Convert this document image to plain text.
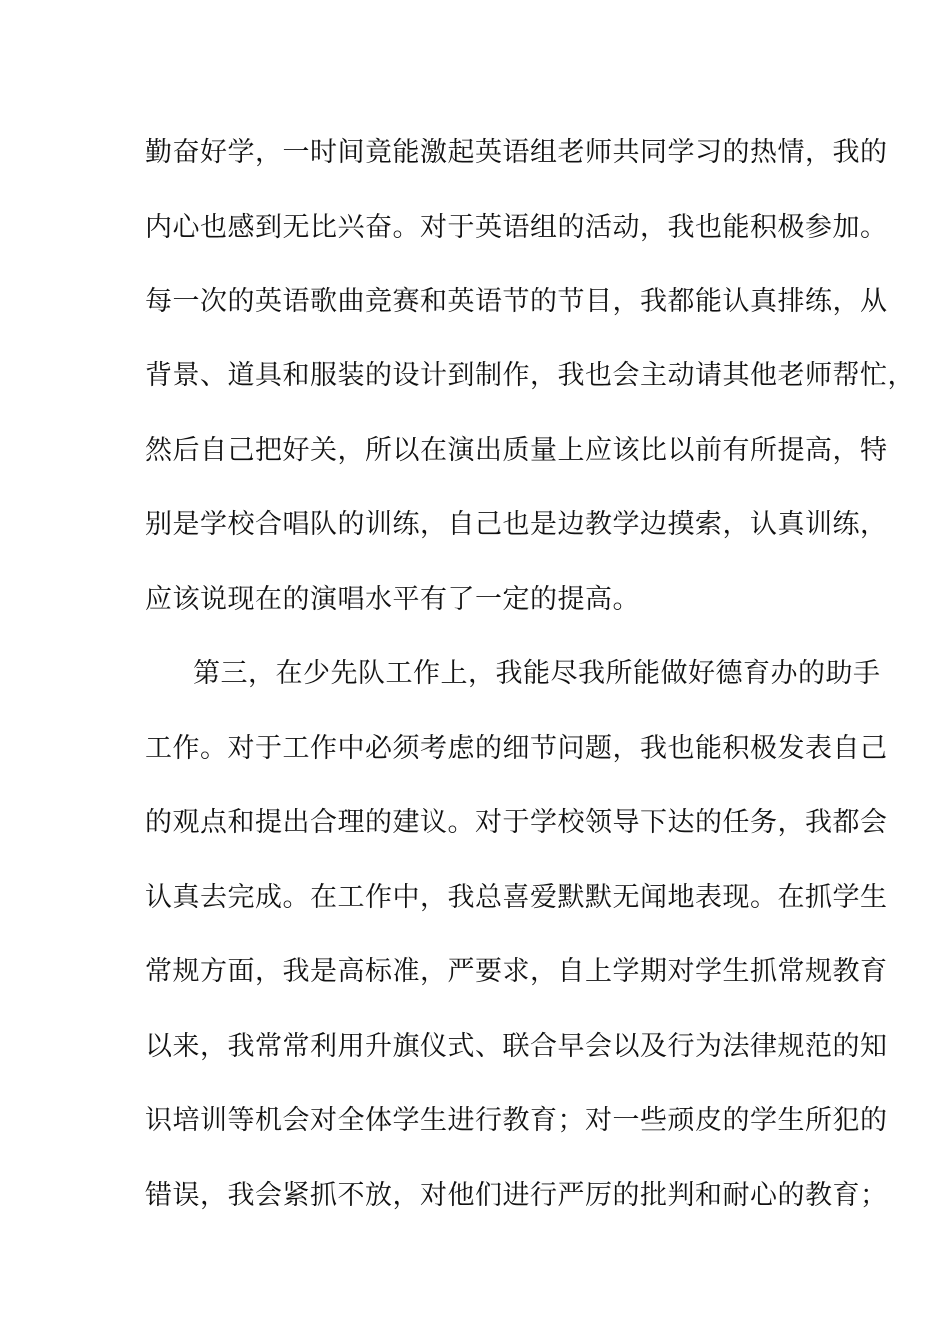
勤奋好学，一时间竟能激起英语组老师共同学习的热情，我的
内心也感到无比兴奋。对于英语组的活动，我也能积极参加。
每一次的英语歌曲竞赛和英语节的节目，我都能认真排练，从
背景、道具和服装的设计到制作，我也会主动请其他老师帮忙，
然后自己把好关，所以在演出质量上应该比以前有所提高，特
别是学校合唱队的训练，自己也是边教学边摸索，认真训练，
应该说现在的演唱水平有了一定的提高。
第三，在少先队工作上，我能尽我所能做好德育办的助手
工作。对于工作中必须考虑的细节问题，我也能积极发表自己
的观点和提出合理的建议。对于学校领导下达的任务，我都会
认真去完成。在工作中，我总喜爱默默无闻地表现。在抓学生
常规方面，我是高标准，严要求，自上学期对学生抓常规教育
以来，我常常利用升旗仪式、联合早会以及行为法律规范的知
识培训等机会对全体学生进行教育；对一些顽皮的学生所犯的
错误，我会紧抓不放，对他们进行严厉的批判和耐心的教育；
